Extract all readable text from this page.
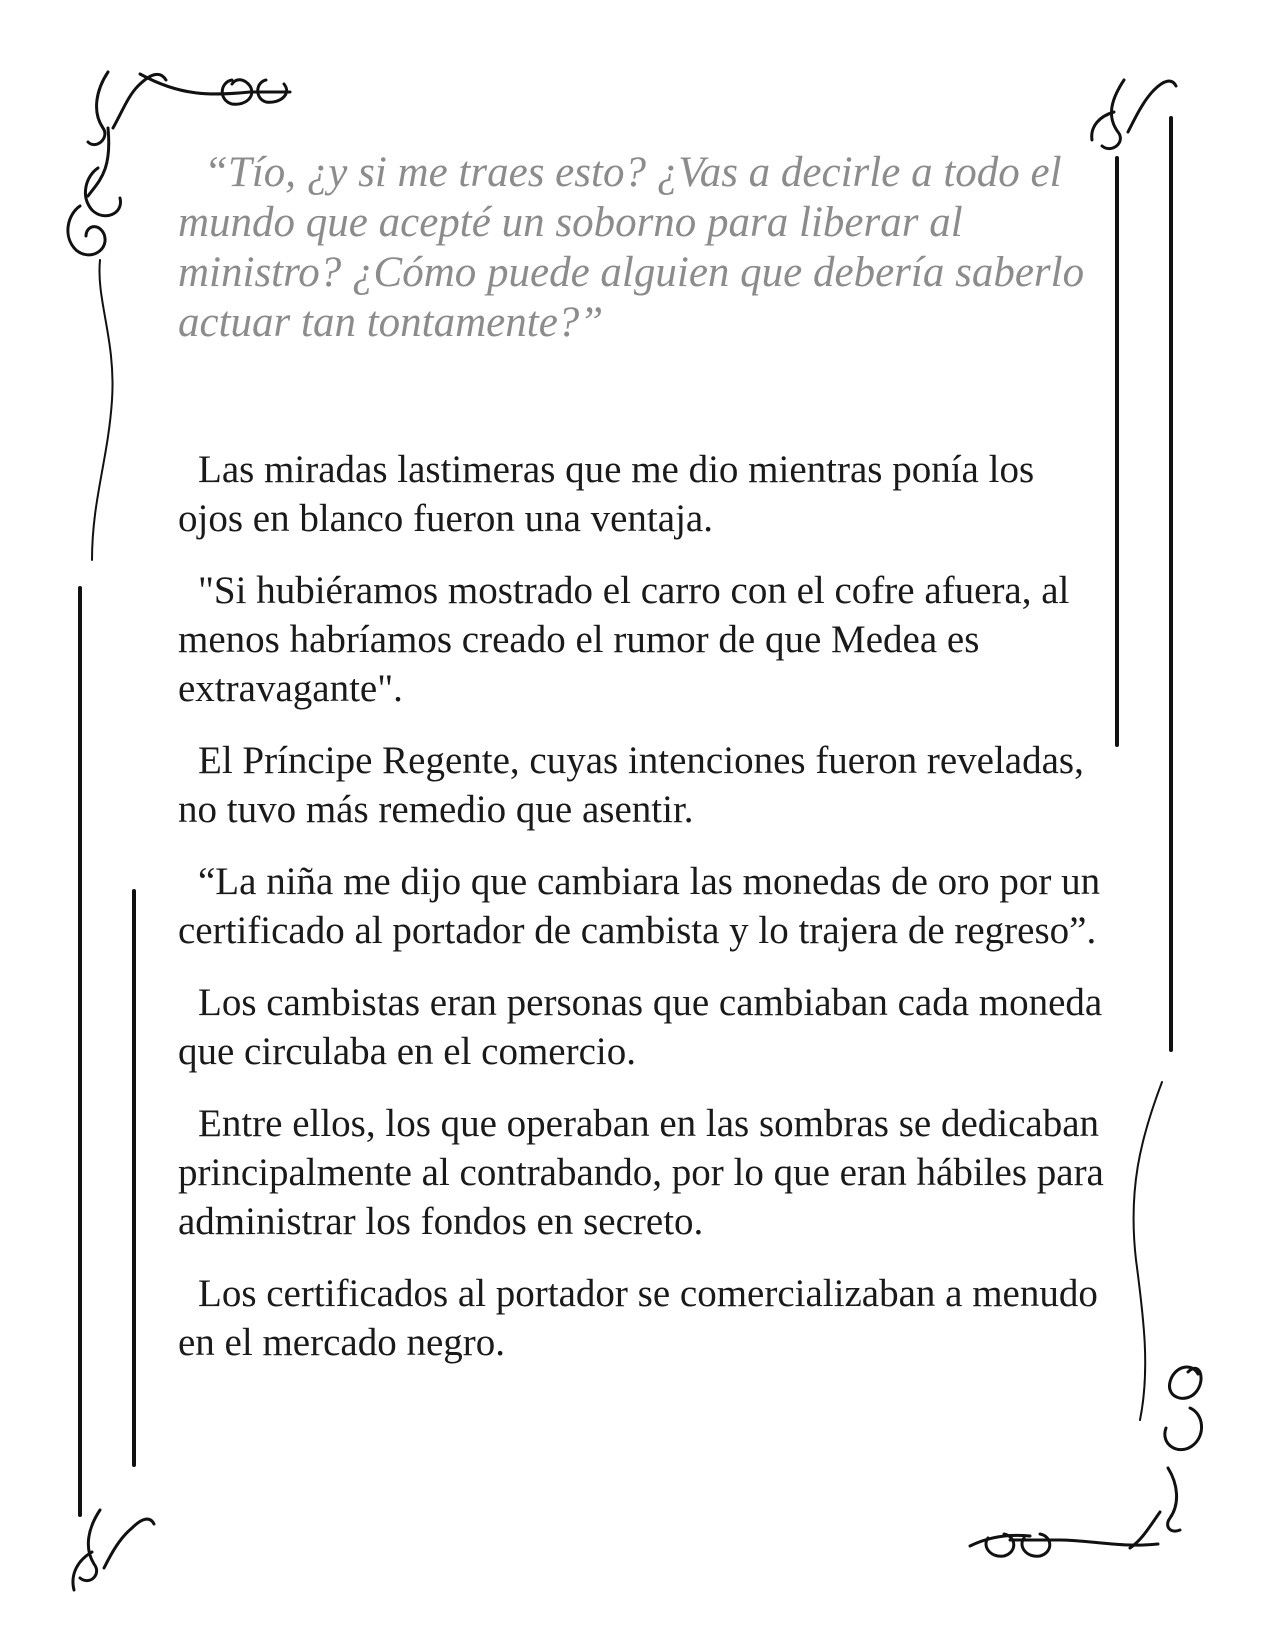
“Tío, ¿y si me traes esto? ¿Vas a decirle a todo el mundo que acepté un soborno para liberar al ministro? ¿Cómo puede alguien que debería saberlo actuar tan tontamente?”

Las miradas lastimeras que me dio mientras ponía los ojos en blanco fueron una ventaja.

"Si hubiéramos mostrado el carro con el cofre afuera, al menos habríamos creado el rumor de que Medea es extravagante".

El Príncipe Regente, cuyas intenciones fueron reveladas, no tuvo más remedio que asentir.

“La niña me dijo que cambiara las monedas de oro por un certificado al portador de cambista y lo trajera de regreso”.

Los cambistas eran personas que cambiaban cada moneda que circulaba en el comercio.

Entre ellos, los que operaban en las sombras se dedicaban principalmente al contrabando, por lo que eran hábiles para administrar los fondos en secreto.

Los certificados al portador se comercializaban a menudo en el mercado negro.
